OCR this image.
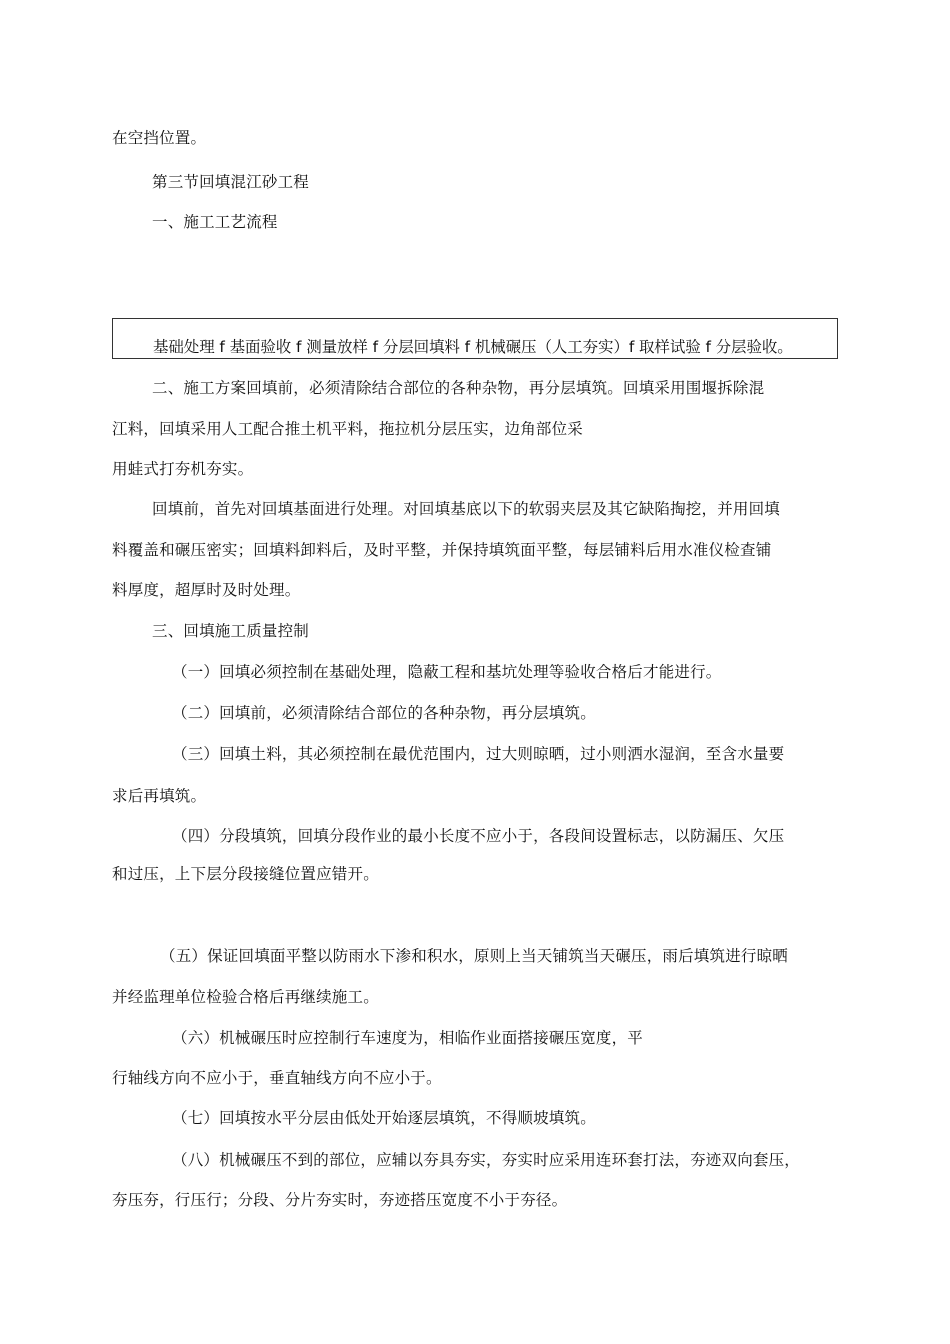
在空挡位置。
第三节回填混江砂工程
一、施工工艺流程
基础处理 f 基面验收 f 测量放样 f 分层回填料 f 机械碾压（人工夯实）f 取样试验 f 分层验收。
二、施工方案回填前，必须清除结合部位的各种杂物，再分层填筑。回填采用围堰拆除混
江料，回填采用人工配合推土机平料，拖拉机分层压实，边角部位采
用蛙式打夯机夯实。
回填前，首先对回填基面进行处理。对回填基底以下的软弱夹层及其它缺陷掏挖，并用回填
料覆盖和碾压密实；回填料卸料后，及时平整，并保持填筑面平整，每层铺料后用水准仪检查铺
料厚度，超厚时及时处理。
三、回填施工质量控制
（一）回填必须控制在基础处理，隐蔽工程和基坑处理等验收合格后才能进行。
（二）回填前，必须清除结合部位的各种杂物，再分层填筑。
（三）回填土料，其必须控制在最优范围内，过大则晾晒，过小则洒水湿润，至含水量要
求后再填筑。
（四）分段填筑，回填分段作业的最小长度不应小于，各段间设置标志，以防漏压、欠压
和过压，上下层分段接缝位置应错开。
（五）保证回填面平整以防雨水下渗和积水，原则上当天铺筑当天碾压，雨后填筑进行晾晒
并经监理单位检验合格后再继续施工。
（六）机械碾压时应控制行车速度为，相临作业面搭接碾压宽度，平
行轴线方向不应小于，垂直轴线方向不应小于。
（七）回填按水平分层由低处开始逐层填筑，不得顺坡填筑。
（八）机械碾压不到的部位，应辅以夯具夯实，夯实时应采用连环套打法，夯迹双向套压，
夯压夯，行压行；分段、分片夯实时，夯迹搭压宽度不小于夯径。
